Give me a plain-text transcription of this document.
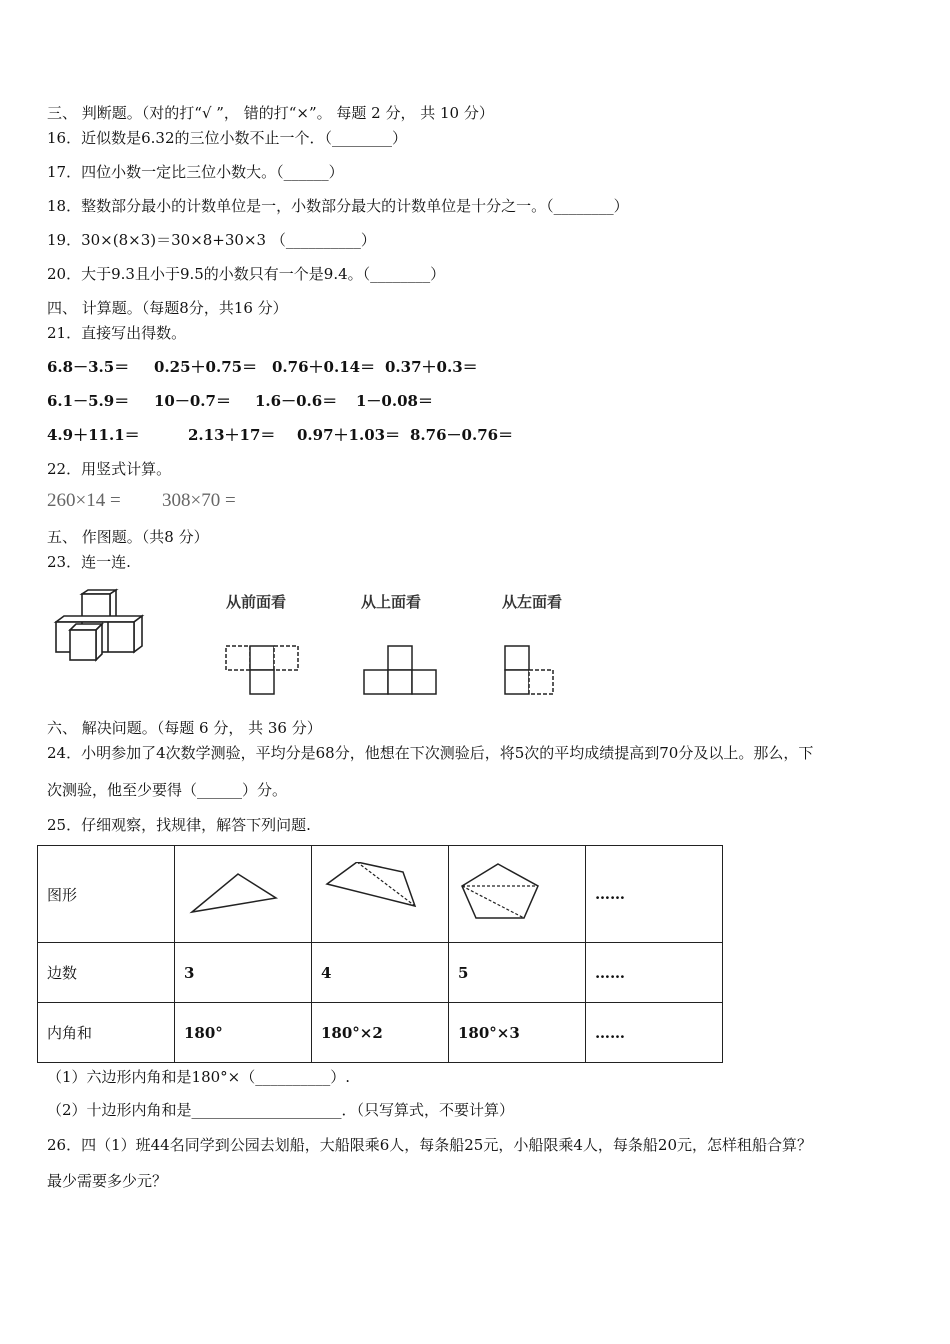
三、 判断题。（对的打“√ ”， 错的打“×”。 每题 2 分， 共 10 分）
16．近似数是6.32的三位小数不止一个．（________）
17．四位小数一定比三位小数大。（______）
18．整数部分最小的计数单位是一，小数部分最大的计数单位是十分之一。（________）
19．30×(8×3)＝30×8+30×3 （__________）
20．大于9.3且小于9.5的小数只有一个是9.4。（________）
四、 计算题。（每题8分，共16 分）
21．直接写出得数。
6.8－3.5＝ 0.25＋0.75＝ 0.76＋0.14＝ 0.37＋0.3＝
6.1－5.9＝ 10－0.7＝ 1.6－0.6＝ 1－0.08＝
4.9＋11.1＝	2.13＋17＝ 0.97＋1.03＝ 8.76－0.76＝
22．用竖式计算。
260×14 = 308×70 =
五、 作图题。（共8 分）
23．连一连.
从前面看	从上面看	从左面看
六、 解决问题。（每题 6 分， 共 36 分）
24．小明参加了4次数学测验，平均分是68分，他想在下次测验后，将5次的平均成绩提高到70分及以上。那么，下
次测验，他至少要得（______）分。
25．仔细观察，找规律，解答下列问题.
图形				……
边数	3	4	5	……
内角和	180°	180°×2	180°×3	……
（1）六边形内角和是180°×（__________）.
（2）十边形内角和是____________________．（只写算式，不要计算）
26．四（1）班44名同学到公园去划船，大船限乘6人，每条船25元，小船限乘4人，每条船20元，怎样租船合算？
最少需要多少元？
